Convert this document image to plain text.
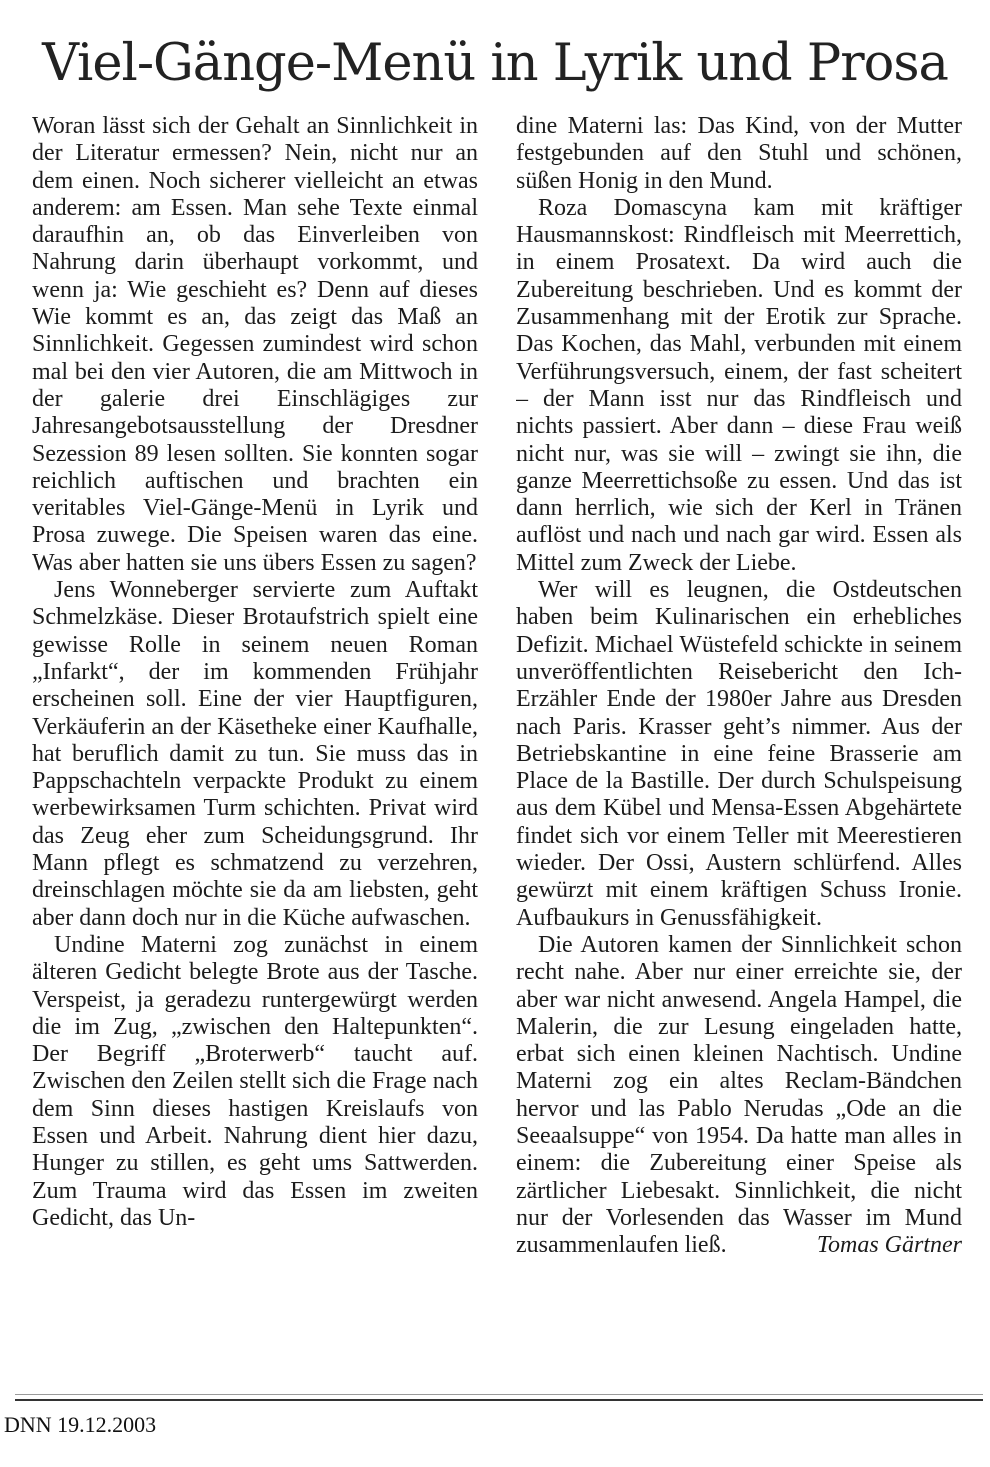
Viel-Gänge-Menü in Lyrik und Prosa

Woran lässt sich der Gehalt an Sinnlichkeit in der Literatur ermessen? Nein, nicht nur an dem einen. Noch sicherer vielleicht an etwas anderem: am Essen. Man sehe Texte einmal daraufhin an, ob das Einverleiben von Nahrung darin überhaupt vorkommt, und wenn ja: Wie geschieht es? Denn auf dieses Wie kommt es an, das zeigt das Maß an Sinnlichkeit. Gegessen zumindest wird schon mal bei den vier Autoren, die am Mittwoch in der galerie drei Einschlägiges zur Jahresangebotsausstellung der Dresdner Sezession 89 lesen sollten. Sie konnten sogar reichlich auftischen und brachten ein veritables Viel-Gänge-Menü in Lyrik und Prosa zuwege. Die Speisen waren das eine. Was aber hatten sie uns übers Essen zu sagen?

Jens Wonneberger servierte zum Auftakt Schmelzkäse. Dieser Brotaufstrich spielt eine gewisse Rolle in seinem neuen Roman „Infarkt“, der im kommenden Frühjahr erscheinen soll. Eine der vier Hauptfiguren, Verkäuferin an der Käsetheke einer Kaufhalle, hat beruflich damit zu tun. Sie muss das in Pappschachteln verpackte Produkt zu einem werbewirksamen Turm schichten. Privat wird das Zeug eher zum Scheidungsgrund. Ihr Mann pflegt es schmatzend zu verzehren, dreinschlagen möchte sie da am liebsten, geht aber dann doch nur in die Küche aufwaschen.

Undine Materni zog zunächst in einem älteren Gedicht belegte Brote aus der Tasche. Verspeist, ja geradezu runtergewürgt werden die im Zug, „zwischen den Haltepunkten“. Der Begriff „Broterwerb“ taucht auf. Zwischen den Zeilen stellt sich die Frage nach dem Sinn dieses hastigen Kreislaufs von Essen und Arbeit. Nahrung dient hier dazu, Hunger zu stillen, es geht ums Sattwerden. Zum Trauma wird das Essen im zweiten Gedicht, das Un-

dine Materni las: Das Kind, von der Mutter festgebunden auf den Stuhl und schönen, süßen Honig in den Mund.

Roza Domascyna kam mit kräftiger Hausmannskost: Rindfleisch mit Meerrettich, in einem Prosatext. Da wird auch die Zubereitung beschrieben. Und es kommt der Zusammenhang mit der Erotik zur Sprache. Das Kochen, das Mahl, verbunden mit einem Verführungsversuch, einem, der fast scheitert – der Mann isst nur das Rindfleisch und nichts passiert. Aber dann – diese Frau weiß nicht nur, was sie will – zwingt sie ihn, die ganze Meerrettichsoße zu essen. Und das ist dann herrlich, wie sich der Kerl in Tränen auflöst und nach und nach gar wird. Essen als Mittel zum Zweck der Liebe.

Wer will es leugnen, die Ostdeutschen haben beim Kulinarischen ein erhebliches Defizit. Michael Wüstefeld schickte in seinem unveröffentlichten Reisebericht den Ich-Erzähler Ende der 1980er Jahre aus Dresden nach Paris. Krasser geht’s nimmer. Aus der Betriebskantine in eine feine Brasserie am Place de la Bastille. Der durch Schulspeisung aus dem Kübel und Mensa-Essen Abgehärtete findet sich vor einem Teller mit Meerestieren wieder. Der Ossi, Austern schlürfend. Alles gewürzt mit einem kräftigen Schuss Ironie. Aufbaukurs in Genussfähigkeit.

Die Autoren kamen der Sinnlichkeit schon recht nahe. Aber nur einer erreichte sie, der aber war nicht anwesend. Angela Hampel, die Malerin, die zur Lesung eingeladen hatte, erbat sich einen kleinen Nachtisch. Undine Materni zog ein altes Reclam-Bändchen hervor und las Pablo Nerudas „Ode an die Seeaalsuppe“ von 1954. Da hatte man alles in einem: die Zubereitung einer Speise als zärtlicher Liebesakt. Sinnlichkeit, die nicht nur der Vorlesenden das Wasser im Mund zusammenlaufen ließ.	Tomas Gärtner

DNN 19.12.2003
